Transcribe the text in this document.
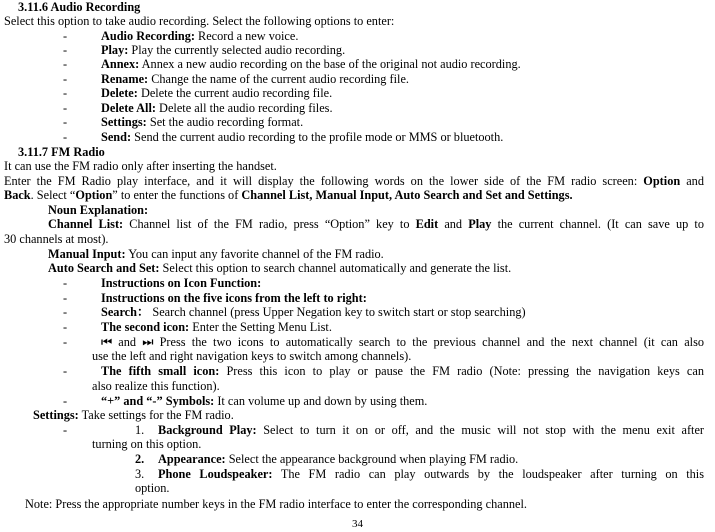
3.11.6 Audio Recording
Select this option to take audio recording. Select the following options to enter:
-	Audio Recording: Record a new voice.
-	Play: Play the currently selected audio recording.
-	Annex: Annex a new audio recording on the base of the original not audio recording.
-	Rename: Change the name of the current audio recording file.
-	Delete: Delete the current audio recording file.
-	Delete All: Delete all the audio recording files.
-	Settings: Set the audio recording format.
-	Send: Send the current audio recording to the profile mode or MMS or bluetooth.
3.11.7 FM Radio
It can use the FM radio only after inserting the handset.
Enter the FM Radio play interface, and it will display the following words on the lower side of the FM radio screen: Option and
Back. Select “Option” to enter the functions of Channel List, Manual Input, Auto Search and Set and Settings.
Noun Explanation:
Channel List: Channel list of the FM radio, press “Option” key to Edit and Play the current channel. (It can save up to
30 channels at most).
Manual Input: You can input any favorite channel of the FM radio.
Auto Search and Set: Select this option to search channel automatically and generate the list.
-	Instructions on Icon Function:
-	Instructions on the five icons from the left to right:
-	Search： Search channel (press Upper Negation key to switch start or stop searching)
-	The second icon: Enter the Setting Menu List.
-	⏮ and ⏭ Press the two icons to automatically search to the previous channel and the next channel (it can also
use the left and right navigation keys to switch among channels).
-	The fifth small icon: Press this icon to play or pause the FM radio (Note: pressing the navigation keys can
also realize this function).
-	“+” and “-” Symbols: It can volume up and down by using them.
Settings: Take settings for the FM radio.
-	1. Background Play: Select to turn it on or off, and the music will not stop with the menu exit after
turning on this option.
2. Appearance: Select the appearance background when playing FM radio.
3. Phone Loudspeaker: The FM radio can play outwards by the loudspeaker after turning on this
option.
Note: Press the appropriate number keys in the FM radio interface to enter the corresponding channel.
34
